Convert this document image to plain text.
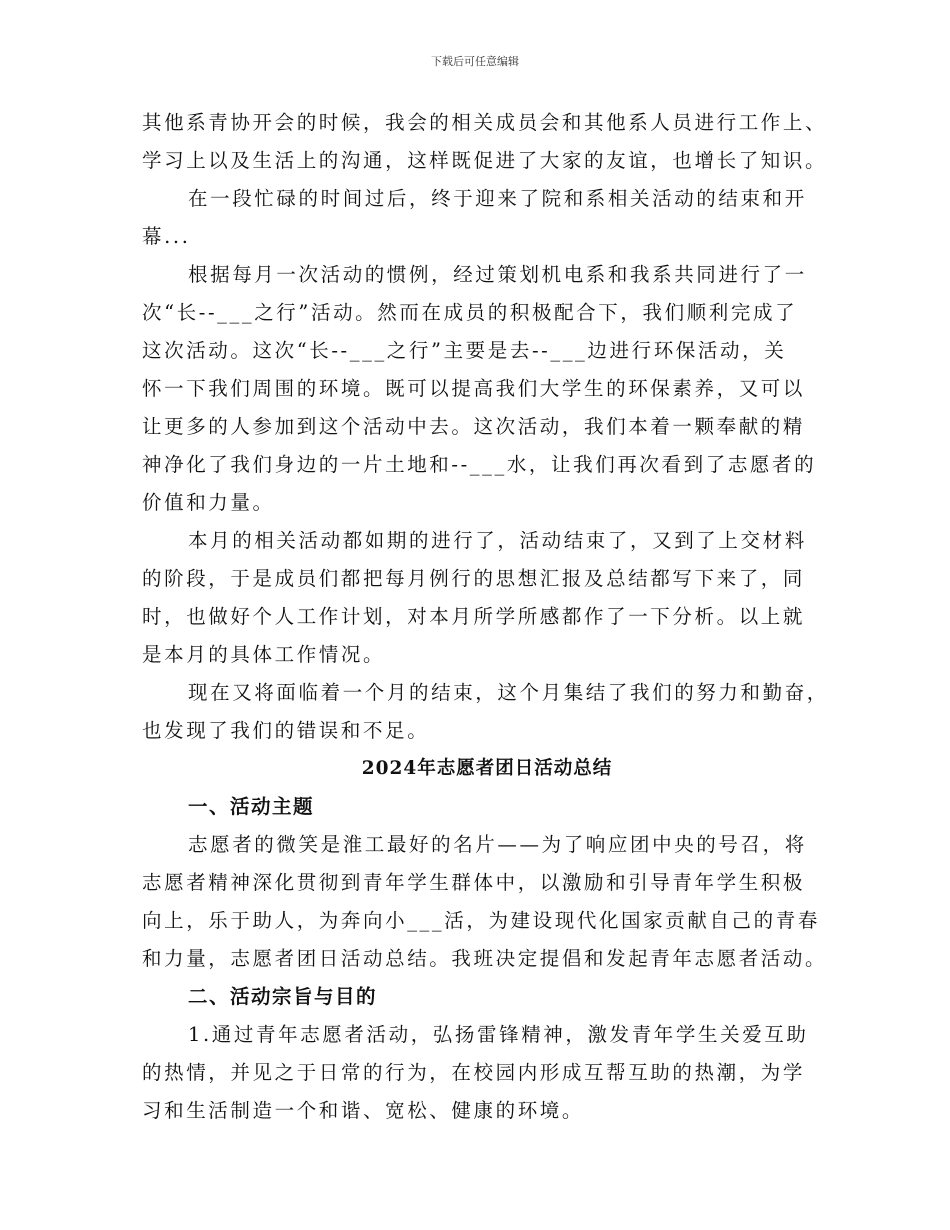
下载后可任意编辑
其他系青协开会的时候，我会的相关成员会和其他系人员进行工作上、
学习上以及生活上的沟通，这样既促进了大家的友谊，也增长了知识。
在一段忙碌的时间过后，终于迎来了院和系相关活动的结束和开
幕...
根据每月一次活动的惯例，经过策划机电系和我系共同进行了一
次“长--___之行”活动。然而在成员的积极配合下，我们顺利完成了
这次活动。这次“长--___之行”主要是去--___边进行环保活动，关
怀一下我们周围的环境。既可以提高我们大学生的环保素养，又可以
让更多的人参加到这个活动中去。这次活动，我们本着一颗奉献的精
神净化了我们身边的一片土地和--___水，让我们再次看到了志愿者的
价值和力量。
本月的相关活动都如期的进行了，活动结束了，又到了上交材料
的阶段，于是成员们都把每月例行的思想汇报及总结都写下来了，同
时，也做好个人工作计划，对本月所学所感都作了一下分析。以上就
是本月的具体工作情况。
现在又将面临着一个月的结束，这个月集结了我们的努力和勤奋，
也发现了我们的错误和不足。
2024年志愿者团日活动总结
一、活动主题
志愿者的微笑是淮工最好的名片——为了响应团中央的号召，将
志愿者精神深化贯彻到青年学生群体中，以激励和引导青年学生积极
向上，乐于助人，为奔向小___活，为建设现代化国家贡献自己的青春
和力量，志愿者团日活动总结。我班决定提倡和发起青年志愿者活动。
二、活动宗旨与目的
1.通过青年志愿者活动，弘扬雷锋精神，激发青年学生关爱互助
的热情，并见之于日常的行为，在校园内形成互帮互助的热潮，为学
习和生活制造一个和谐、宽松、健康的环境。
